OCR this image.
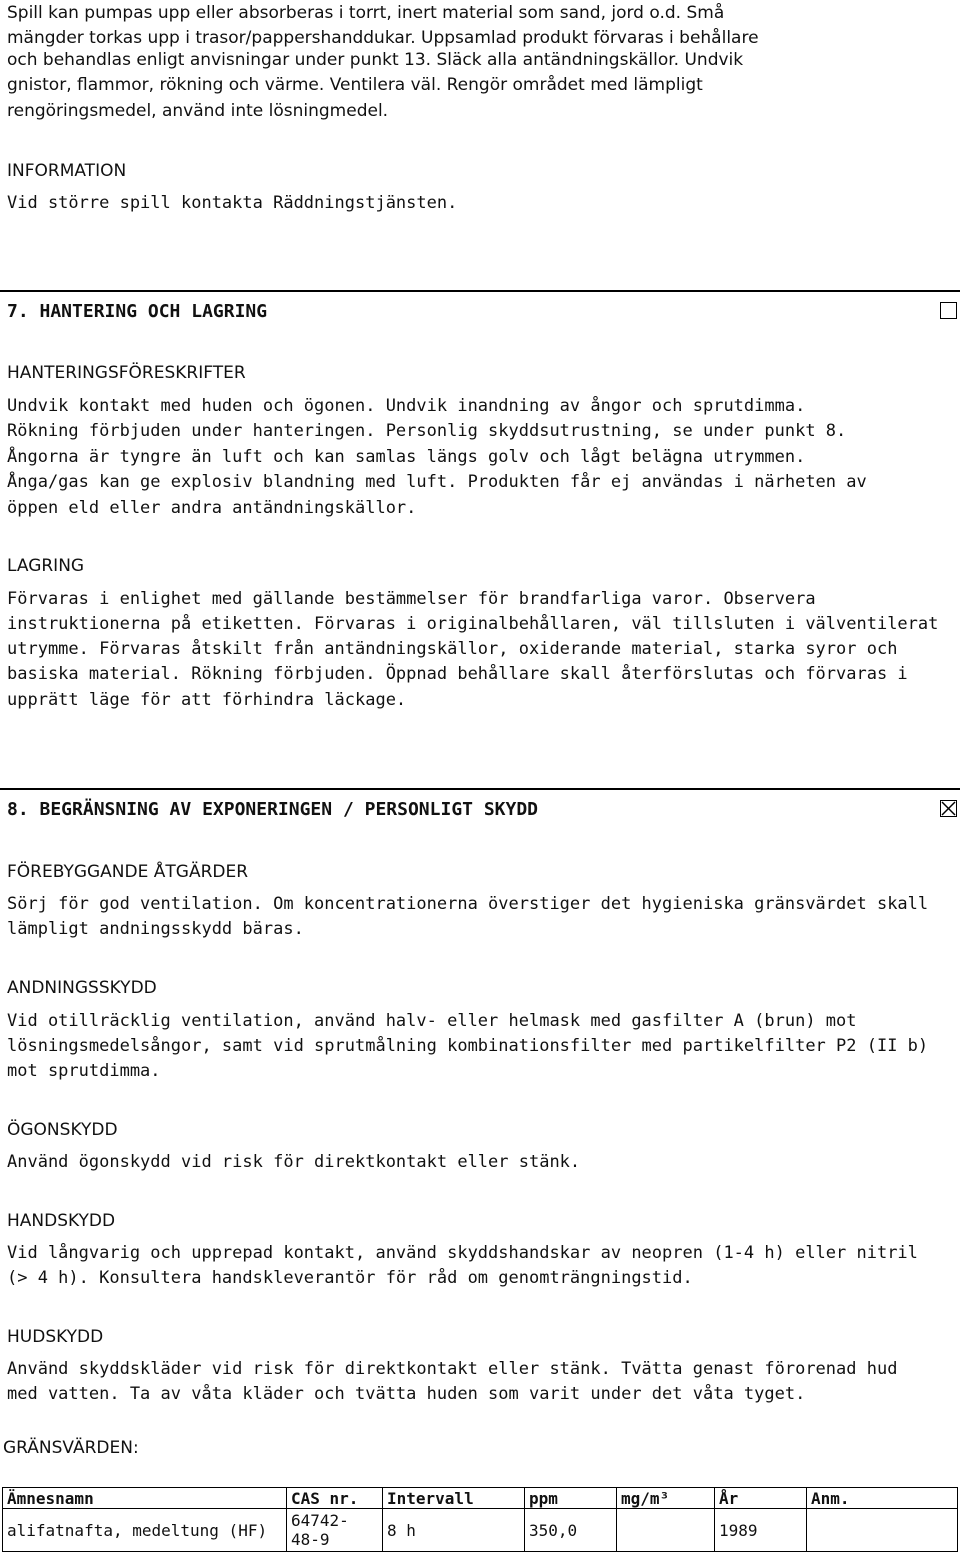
Spill kan pumpas upp eller absorberas i torrt, inert material som sand, jord o.d. Små

mängder torkas upp i trasor/pappershanddukar. Uppsamlad produkt förvaras i behållare

och behandlas enligt anvisningar under punkt 13. Släck alla antändningskällor. Undvik

gnistor, flammor, rökning och värme. Ventilera väl. Rengör området med lämpligt

rengöringsmedel, använd inte lösningmedel.

INFORMATION

Vid större spill kontakta Räddningstjänsten.

7. HANTERING OCH LAGRING

HANTERINGSFÖRESKRIFTER

Undvik kontakt med huden och ögonen. Undvik inandning av ångor och sprutdimma.

Rökning förbjuden under hanteringen. Personlig skyddsutrustning, se under punkt 8.

Ångorna är tyngre än luft och kan samlas längs golv och lågt belägna utrymmen.

Ånga/gas kan ge explosiv blandning med luft. Produkten får ej användas i närheten av

öppen eld eller andra antändningskällor.

LAGRING

Förvaras i enlighet med gällande bestämmelser för brandfarliga varor. Observera

instruktionerna på etiketten. Förvaras i originalbehållaren, väl tillsluten i välventilerat

utrymme. Förvaras åtskilt från antändningskällor, oxiderande material, starka syror och

basiska material. Rökning förbjuden. Öppnad behållare skall återförslutas och förvaras i

upprätt läge för att förhindra läckage.

8. BEGRÄNSNING AV EXPONERINGEN / PERSONLIGT SKYDD

FÖREBYGGANDE ÅTGÄRDER

Sörj för god ventilation. Om koncentrationerna överstiger det hygieniska gränsvärdet skall

lämpligt andningsskydd bäras.

ANDNINGSSKYDD

Vid otillräcklig ventilation, använd halv- eller helmask med gasfilter A (brun) mot

lösningsmedelsångor, samt vid sprutmålning kombinationsfilter med partikelfilter P2 (II b)

mot sprutdimma.

ÖGONSKYDD

Använd ögonskydd vid risk för direktkontakt eller stänk.

HANDSKYDD

Vid långvarig och upprepad kontakt, använd skyddshandskar av neopren (1-4 h) eller nitril

(> 4 h). Konsultera handskleverantör för råd om genomträngningstid.

HUDSKYDD

Använd skyddskläder vid risk för direktkontakt eller stänk. Tvätta genast förorenad hud

med vatten. Ta av våta kläder och tvätta huden som varit under det våta tyget.

GRÄNSVÄRDEN:

Ämnesnamn	CAS nr.	Intervall	ppm	mg/m³	År	Anm.
alifatnafta, medeltung (HF)	64742-
48-9	8 h	350,0		1989	
